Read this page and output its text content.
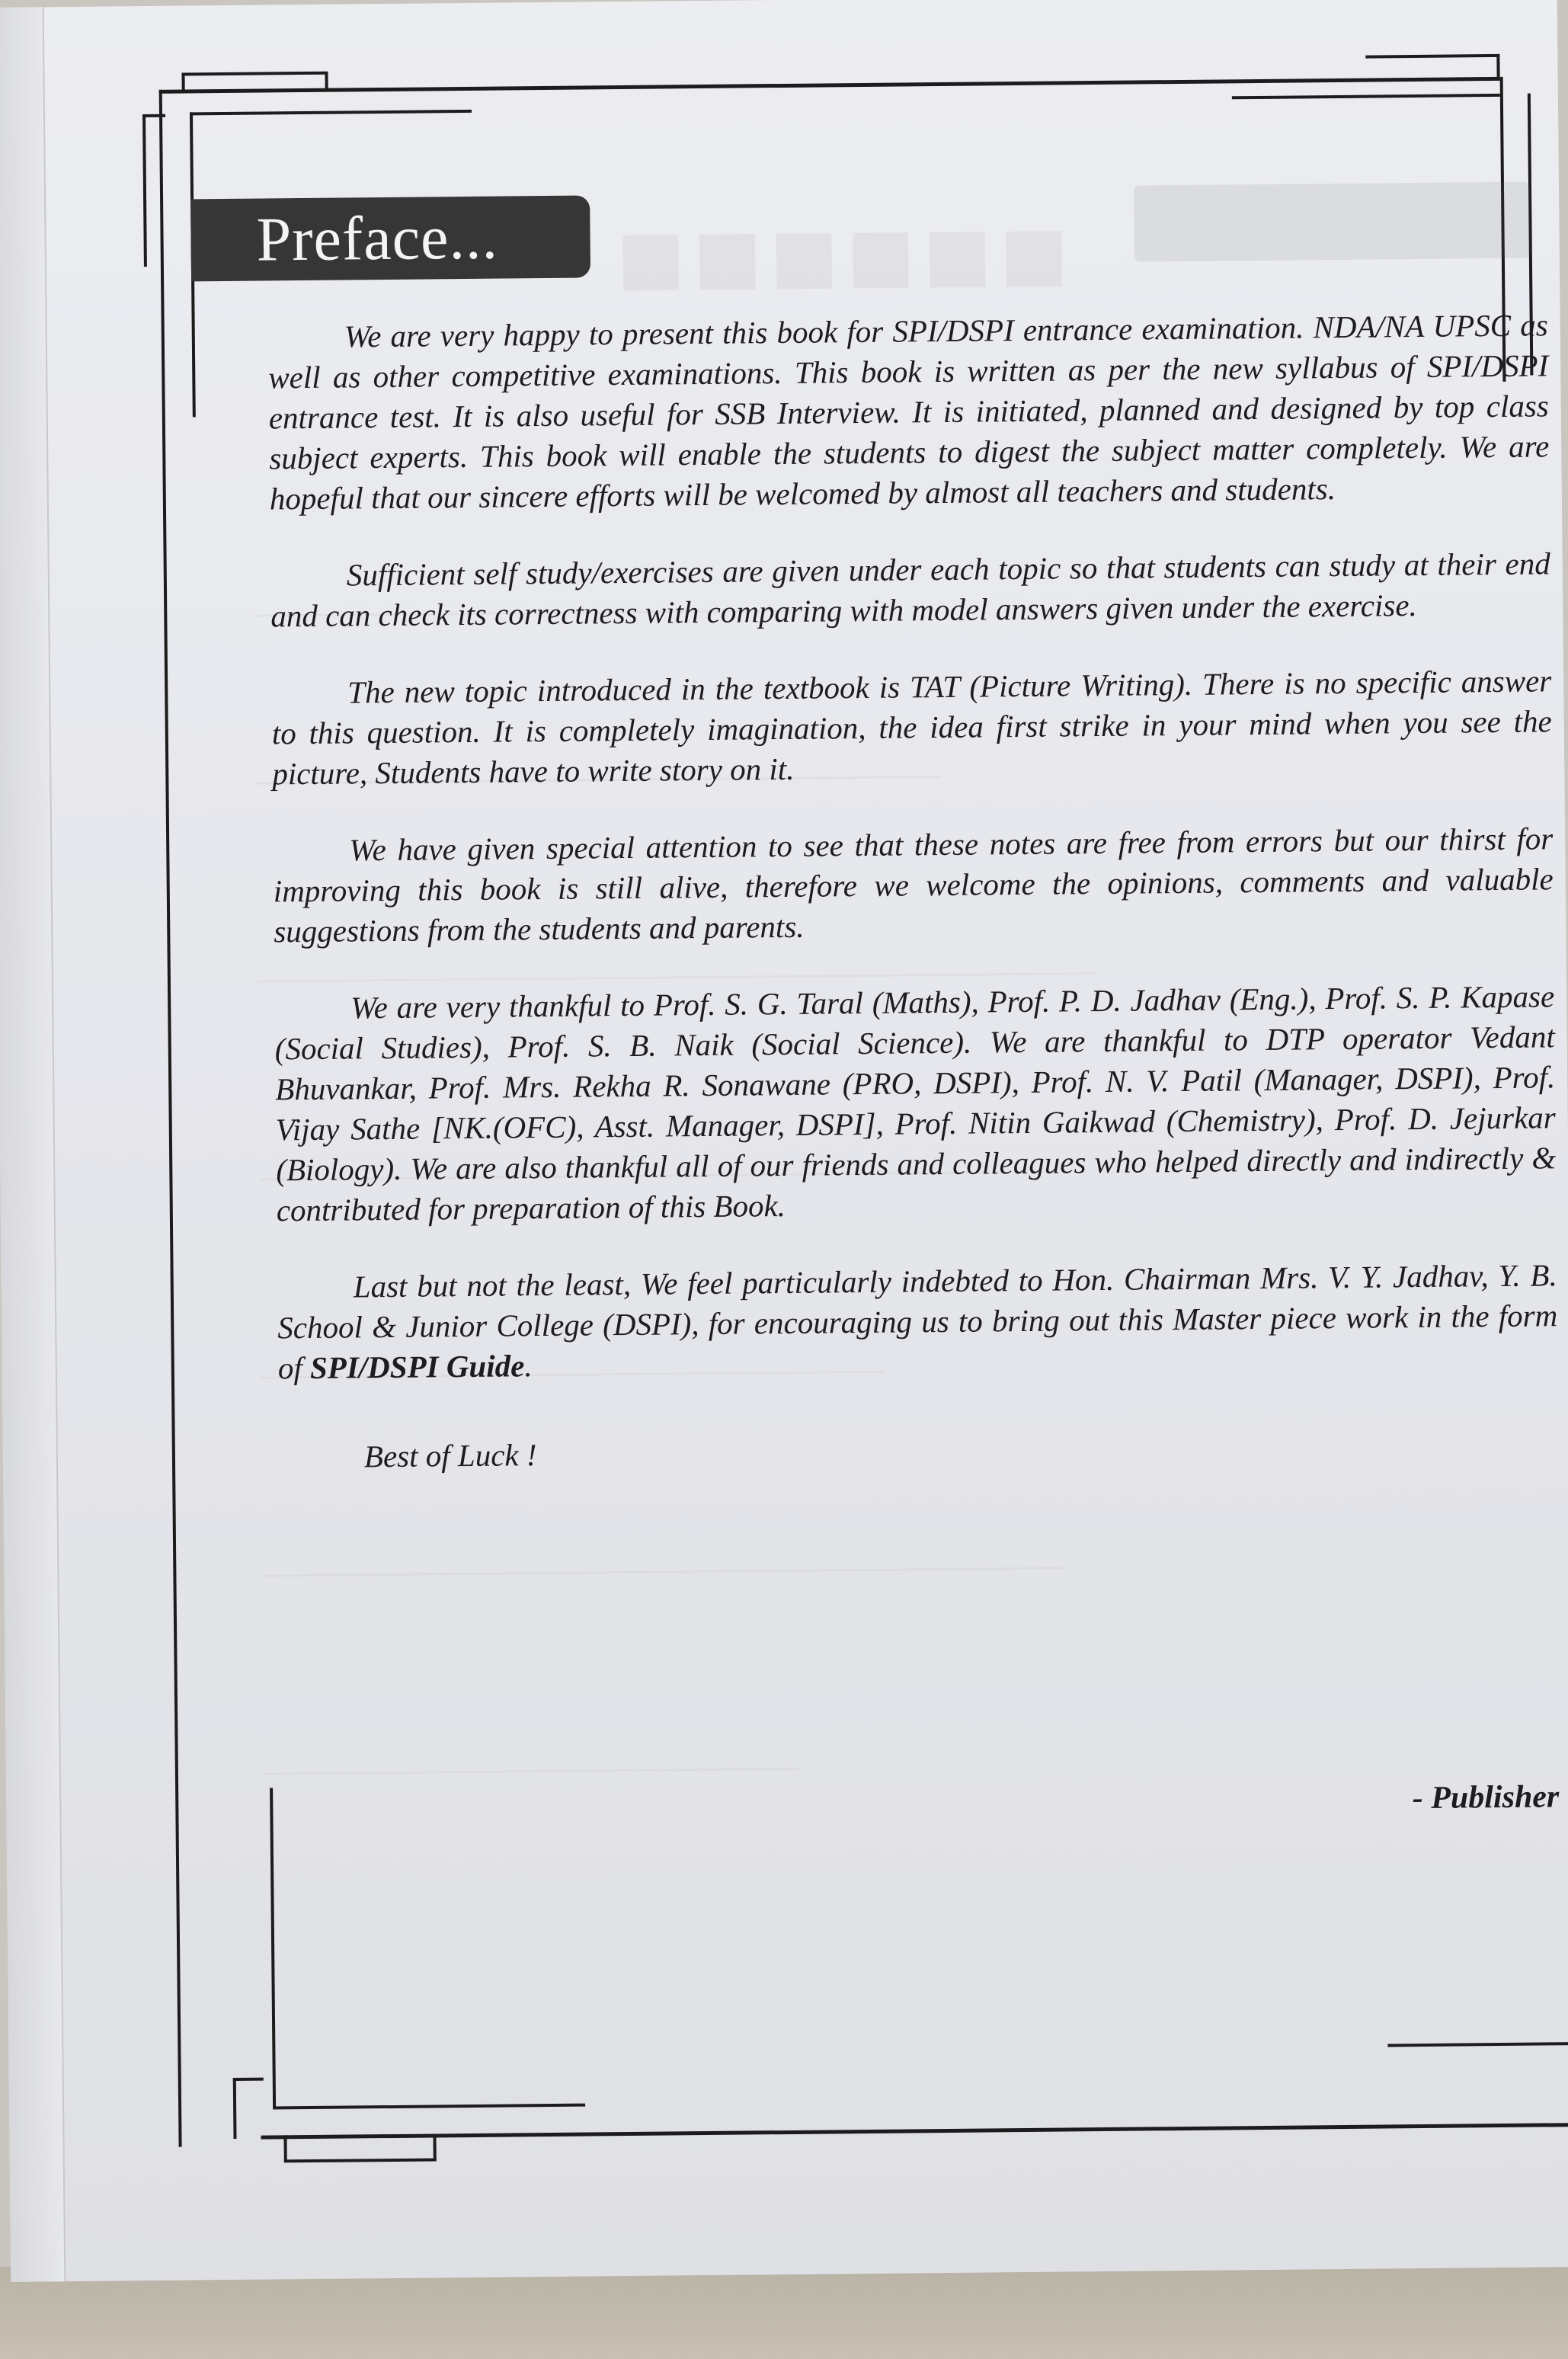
■■■■■■
Preface...

We are very happy to present this book for SPI/DSPI entrance examination. NDA/NA UPSC as well as other competitive examinations. This book is written as per the new syllabus of SPI/DSPI entrance test. It is also useful for SSB Interview. It is initiated, planned and designed by top class subject experts. This book will enable the students to digest the subject matter completely. We are hopeful that our sincere efforts will be welcomed by almost all teachers and students.

Sufficient self study/exercises are given under each topic so that students can study at their end and can check its correctness with comparing with model answers given under the exercise.

The new topic introduced in the textbook is TAT (Picture Writing). There is no specific answer to this question. It is completely imagination, the idea first strike in your mind when you see the picture, Students have to write story on it.

We have given special attention to see that these notes are free from errors but our thirst for improving this book is still alive, therefore we welcome the opinions, comments and valuable suggestions from the students and parents.

We are very thankful to Prof. S. G. Taral (Maths), Prof. P. D. Jadhav (Eng.), Prof. S. P. Kapase (Social Studies), Prof. S. B. Naik (Social Science). We are thankful to DTP operator Vedant Bhuvankar, Prof. Mrs. Rekha R. Sonawane (PRO, DSPI), Prof. N. V. Patil (Manager, DSPI), Prof. Vijay Sathe [NK.(OFC), Asst. Manager, DSPI], Prof. Nitin Gaikwad (Chemistry), Prof. D. Jejurkar (Biology). We are also thankful all of our friends and colleagues who helped directly and indirectly & contributed for preparation of this Book.

Last but not the least, We feel particularly indebted to Hon. Chairman Mrs. V. Y. Jadhav, Y. B. School & Junior College (DSPI), for encouraging us to bring out this Master piece work in the form of SPI/DSPI Guide.

Best of Luck !

- Publisher
